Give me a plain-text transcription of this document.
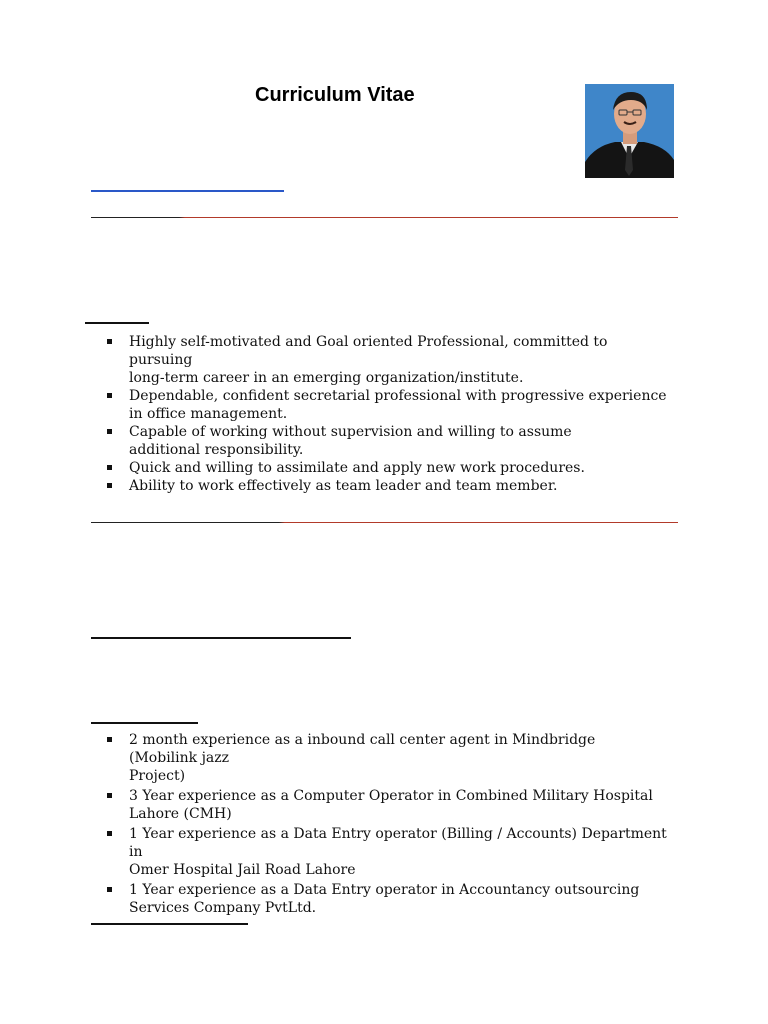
Curriculum Vitae
Highly self-motivated and Goal oriented Professional, committed to pursuing
long-term career in an emerging organization/institute.
Dependable, confident secretarial professional with progressive experience
in office management.
Capable of working without supervision and willing to assume
additional responsibility.
Quick and willing to assimilate and apply new work procedures.
Ability to work effectively as team leader and team member.
2 month experience as a inbound call center agent in Mindbridge (Mobilink jazz
Project)
3 Year experience as a Computer Operator in Combined Military Hospital
Lahore (CMH)
1 Year experience as a Data Entry operator (Billing / Accounts) Department in
Omer Hospital Jail Road Lahore
1 Year experience as a Data Entry operator in Accountancy outsourcing
Services Company PvtLtd.
